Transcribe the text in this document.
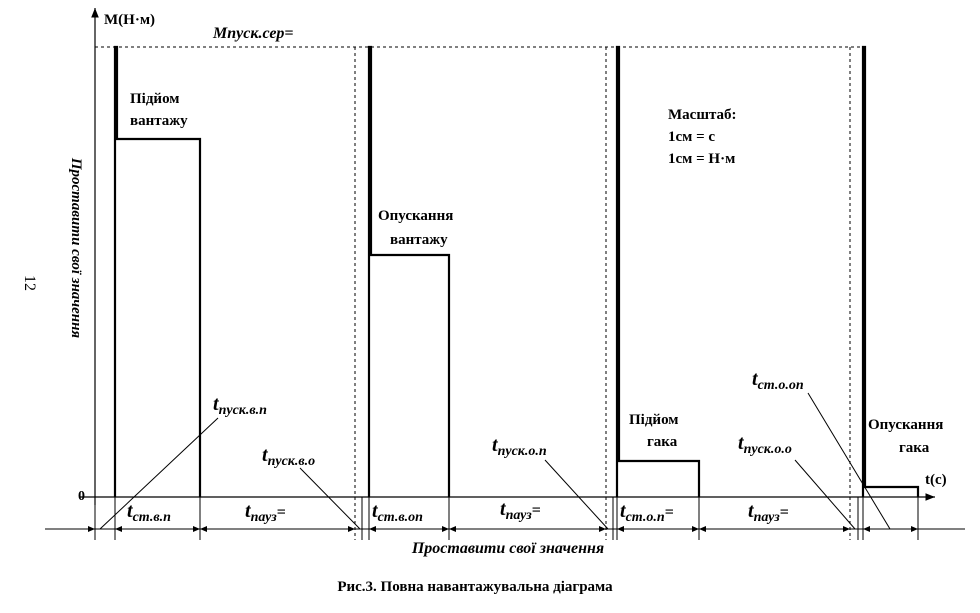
M(Н·м)
t(с)
0
Mпуск.сер=
12 Проставити свої значення
Підйом
вантажу
Опускання
вантажу
Підйом
гака
Опускання
гака
Масштаб:
1см = с
1см = Н·м
tпуск.в.п
tпуск.в.о
tпуск.о.п	tпуск.о.о
tст.о.оп
tст.в.п	tпауз=	tст.в.оп	tпауз=	tст.о.п=	tпауз=
Проставити свої значення
Рис.3. Повна навантажувальна діаграма
